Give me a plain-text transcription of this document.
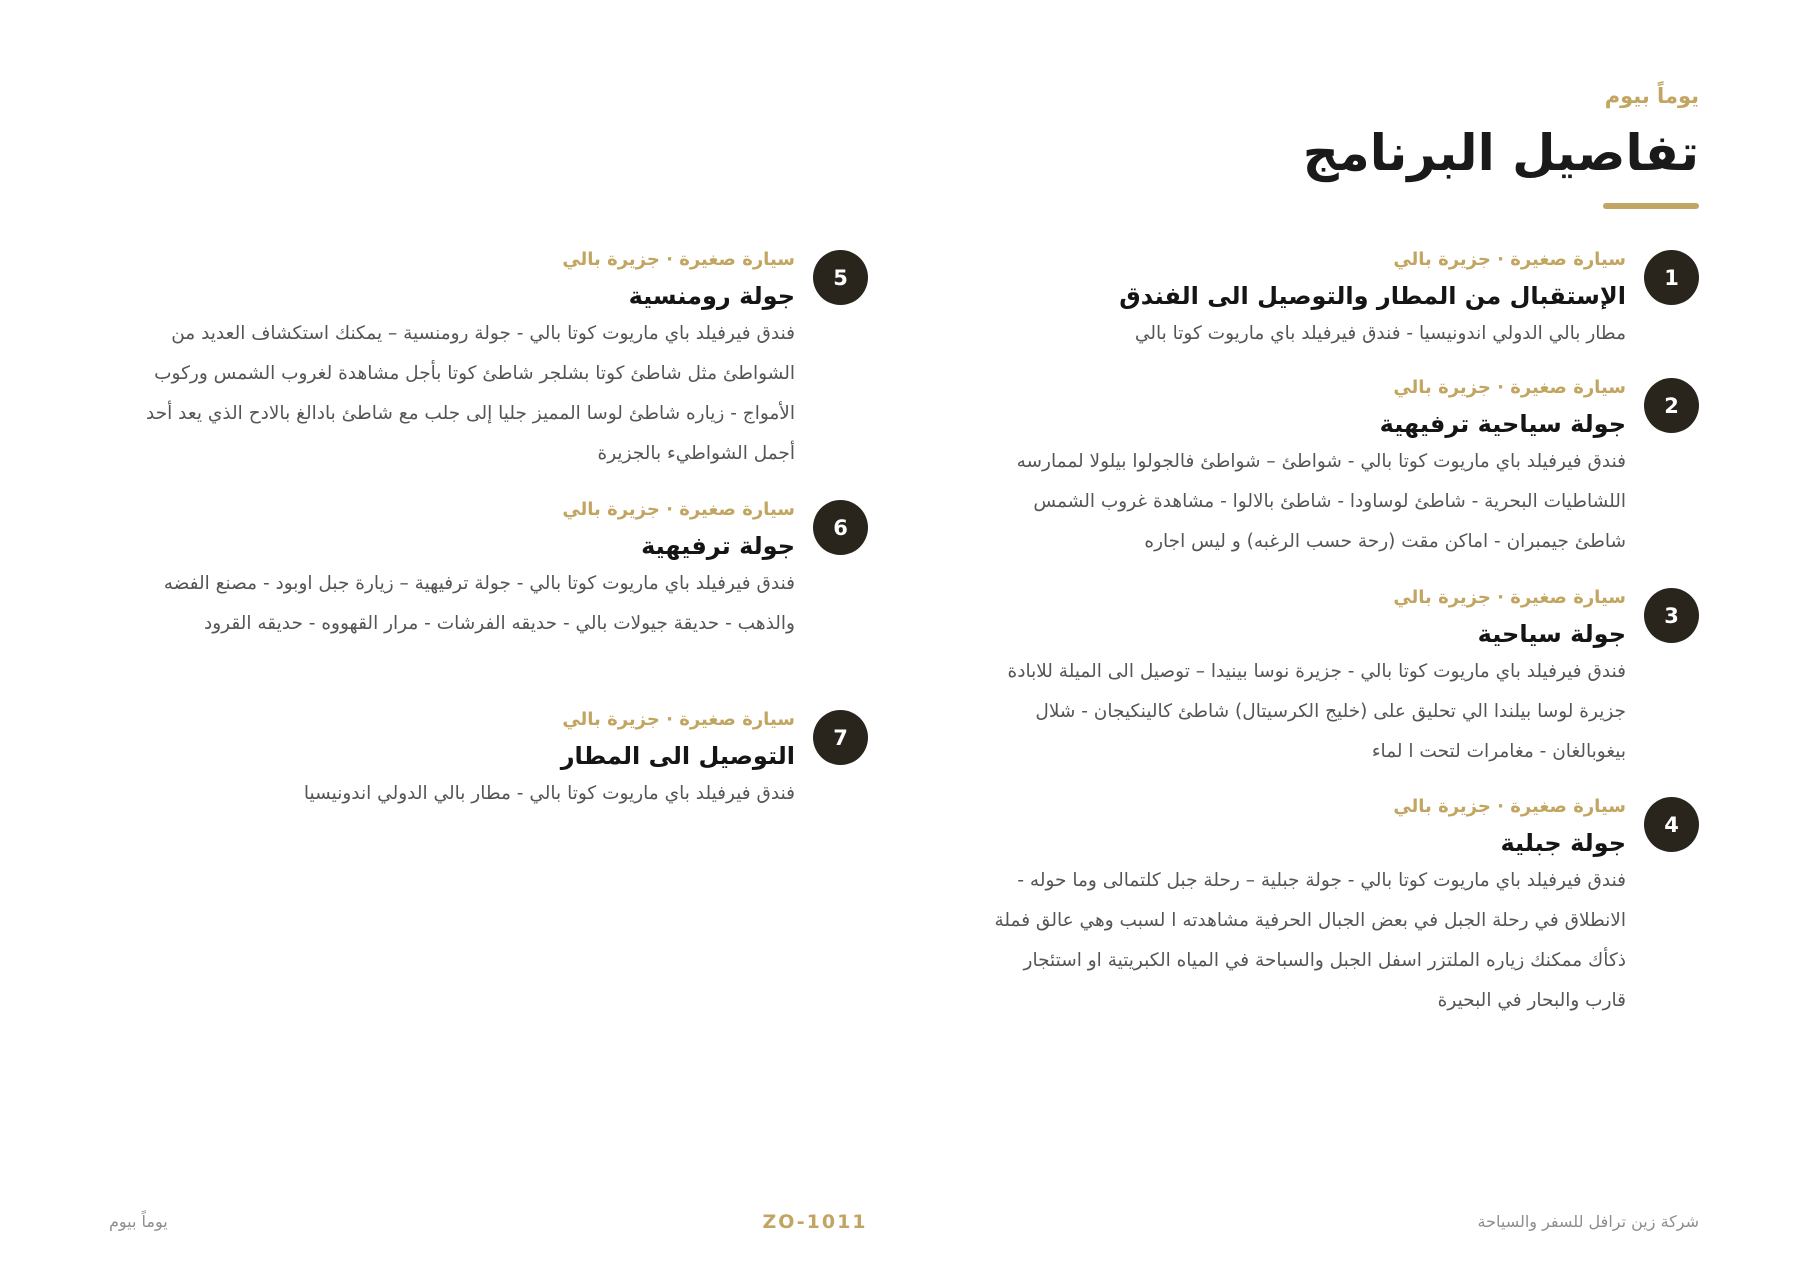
يوماً بيوم
تفاصيل البرنامج
1
سيارة صغيرة · جزيرة بالي
الإستقبال من المطار والتوصيل الى الفندق
مطار بالي الدولي اندونيسيا - فندق فيرفيلد باي ماريوت كوتا بالي
2
سيارة صغيرة · جزيرة بالي
جولة سياحية ترفيهية
فندق فيرفيلد باي ماريوت كوتا بالي - شواطئ – شواطئ فالجولوا بيلولا لممارسه اللشاطيات البحرية - شاطئ لوساودا - شاطئ بالالوا - مشاهدة غروب الشمس شاطئ جيمبران - اماكن مقت (رحة حسب الرغبه) و ليس اجاره
3
سيارة صغيرة · جزيرة بالي
جولة سياحية
فندق فيرفيلد باي ماريوت كوتا بالي - جزيرة نوسا بينيدا – توصيل الى الميلة للابادة جزيرة لوسا بيلندا الي تحليق على (خليج الكرسيتال) شاطئ كالينكيجان - شلال بيغوبالغان - مغامرات لتحت ا لماء
4
سيارة صغيرة · جزيرة بالي
جولة جبلية
فندق فيرفيلد باي ماريوت كوتا بالي - جولة جبلية – رحلة جبل كلتمالى وما حوله - الانطلاق في رحلة الجبل في بعض الجبال الحرفية مشاهدته ا لسبب وهي عالق فملة ذكأك ممكنك زياره الملتزر اسفل الجبل والسباحة في المياه الكبريتية او استئجار قارب والبحار في البحيرة
5
سيارة صغيرة · جزيرة بالي
جولة رومنسية
فندق فيرفيلد باي ماريوت كوتا بالي - جولة رومنسية – يمكنك استكشاف العديد من الشواطئ مثل شاطئ كوتا بشلجر شاطئ كوتا بأجل مشاهدة لغروب الشمس وركوب الأمواج - زياره شاطئ لوسا المميز جليا إلى جلب مع شاطئ بادالغ بالادح الذي يعد أحد أجمل الشواطيء بالجزيرة
6
سيارة صغيرة · جزيرة بالي
جولة ترفيهية
فندق فيرفيلد باي ماريوت كوتا بالي - جولة ترفيهية – زيارة جبل اوبود - مصنع الفضه والذهب - حديقة جيولات بالي - حديقه الفرشات - مرار القهووه - حديقه القرود
7
سيارة صغيرة · جزيرة بالي
التوصيل الى المطار
فندق فيرفيلد باي ماريوت كوتا بالي - مطار بالي الدولي اندونيسيا
شركة زين ترافل للسفر والسياحة
ZO-1011
يوماً بيوم
